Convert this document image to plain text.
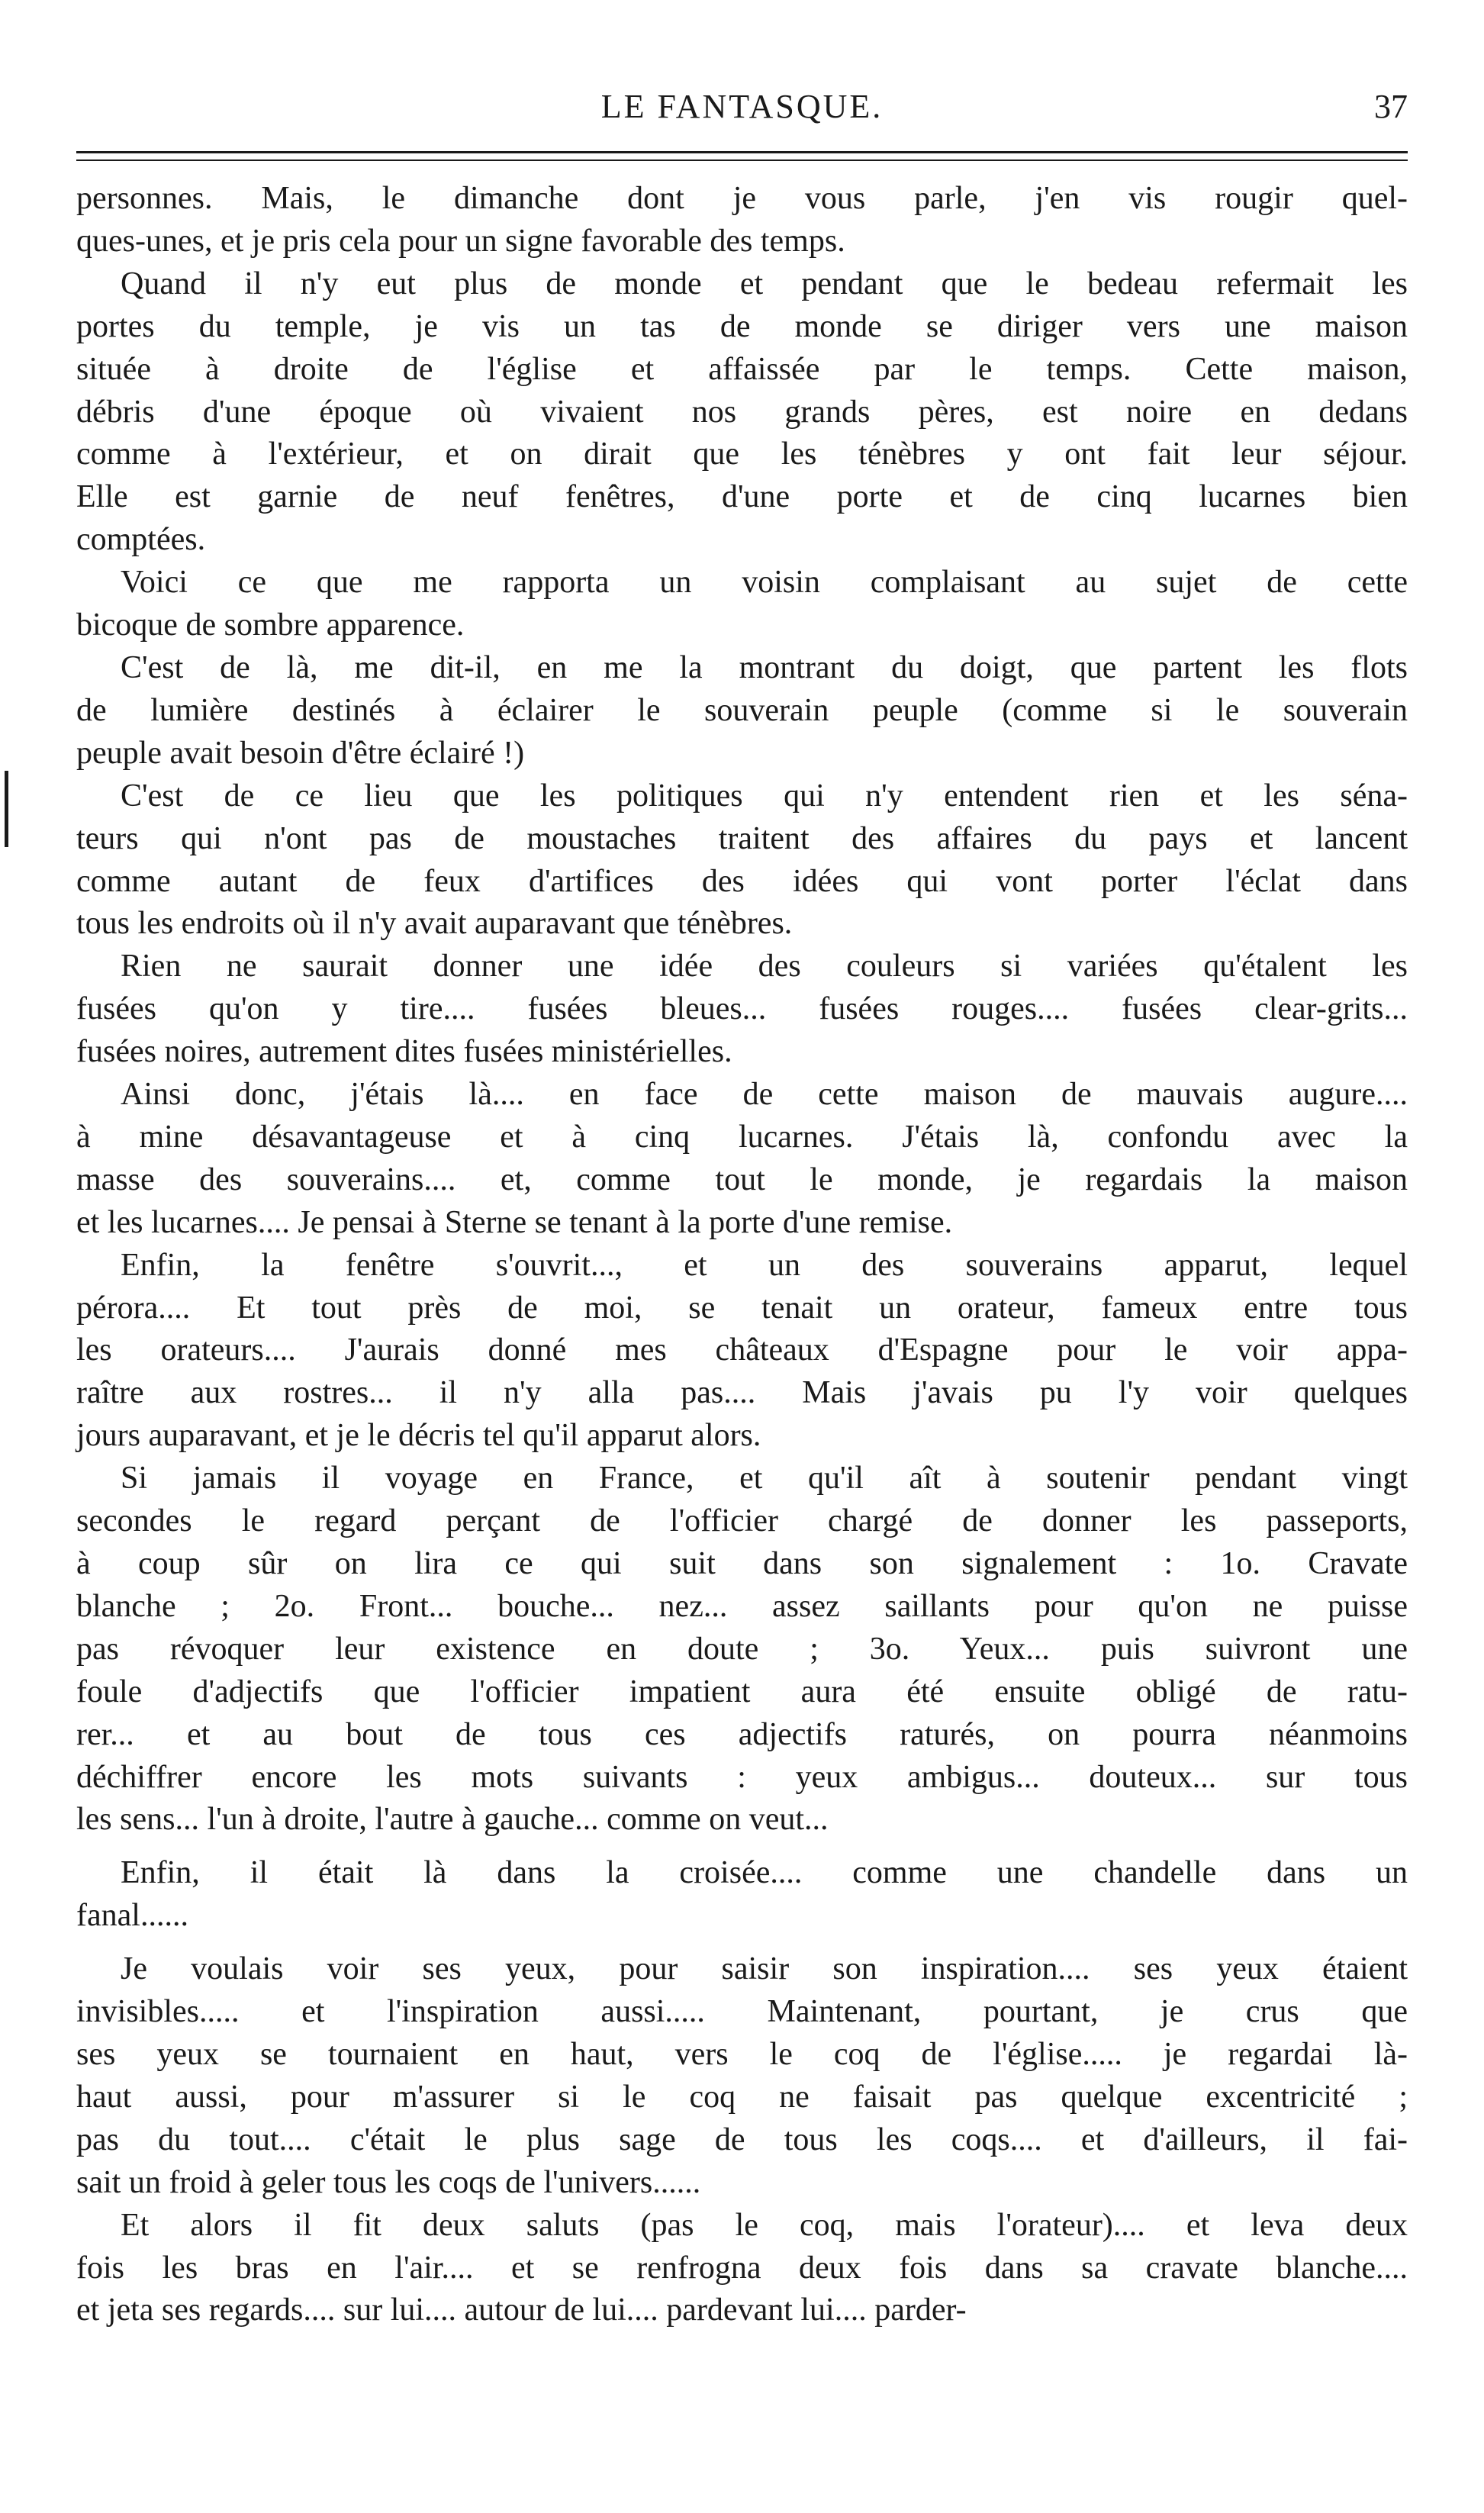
LE FANTASQUE.	37
personnes. Mais, le dimanche dont je vous parle, j'en vis rougir quel-
ques-unes, et je pris cela pour un signe favorable des temps.
Quand il n'y eut plus de monde et pendant que le bedeau refermait les
portes du temple, je vis un tas de monde se diriger vers une maison
située à droite de l'église et affaissée par le temps. Cette maison,
débris d'une époque où vivaient nos grands pères, est noire en dedans
comme à l'extérieur, et on dirait que les ténèbres y ont fait leur séjour.
Elle est garnie de neuf fenêtres, d'une porte et de cinq lucarnes bien
comptées.
Voici ce que me rapporta un voisin complaisant au sujet de cette
bicoque de sombre apparence.
C'est de là, me dit-il, en me la montrant du doigt, que partent les flots
de lumière destinés à éclairer le souverain peuple (comme si le souverain
peuple avait besoin d'être éclairé !)
C'est de ce lieu que les politiques qui n'y entendent rien et les séna-
teurs qui n'ont pas de moustaches traitent des affaires du pays et lancent
comme autant de feux d'artifices des idées qui vont porter l'éclat dans
tous les endroits où il n'y avait auparavant que ténèbres.
Rien ne saurait donner une idée des couleurs si variées qu'étalent les
fusées qu'on y tire.... fusées bleues... fusées rouges.... fusées clear-grits...
fusées noires, autrement dites fusées ministérielles.
Ainsi donc, j'étais là.... en face de cette maison de mauvais augure....
à mine désavantageuse et à cinq lucarnes. J'étais là, confondu avec la
masse des souverains.... et, comme tout le monde, je regardais la maison
et les lucarnes.... Je pensai à Sterne se tenant à la porte d'une remise.
Enfin, la fenêtre s'ouvrit..., et un des souverains apparut, lequel
pérora.... Et tout près de moi, se tenait un orateur, fameux entre tous
les orateurs.... J'aurais donné mes châteaux d'Espagne pour le voir appa-
raître aux rostres... il n'y alla pas.... Mais j'avais pu l'y voir quelques
jours auparavant, et je le décris tel qu'il apparut alors.
Si jamais il voyage en France, et qu'il aît à soutenir pendant vingt
secondes le regard perçant de l'officier chargé de donner les passeports,
à coup sûr on lira ce qui suit dans son signalement : 1o. Cravate
blanche ; 2o. Front... bouche... nez... assez saillants pour qu'on ne puisse
pas révoquer leur existence en doute ; 3o. Yeux... puis suivront une
foule d'adjectifs que l'officier impatient aura été ensuite obligé de ratu-
rer... et au bout de tous ces adjectifs raturés, on pourra néanmoins
déchiffrer encore les mots suivants : yeux ambigus... douteux... sur tous
les sens... l'un à droite, l'autre à gauche... comme on veut...
Enfin, il était là dans la croisée.... comme une chandelle dans un
fanal......
Je voulais voir ses yeux, pour saisir son inspiration.... ses yeux étaient
invisibles..... et l'inspiration aussi..... Maintenant, pourtant, je crus que
ses yeux se tournaient en haut, vers le coq de l'église..... je regardai là-
haut aussi, pour m'assurer si le coq ne faisait pas quelque excentricité ;
pas du tout.... c'était le plus sage de tous les coqs.... et d'ailleurs, il fai-
sait un froid à geler tous les coqs de l'univers......
Et alors il fit deux saluts (pas le coq, mais l'orateur).... et leva deux
fois les bras en l'air.... et se renfrogna deux fois dans sa cravate blanche....
et jeta ses regards.... sur lui.... autour de lui.... pardevant lui.... parder-
